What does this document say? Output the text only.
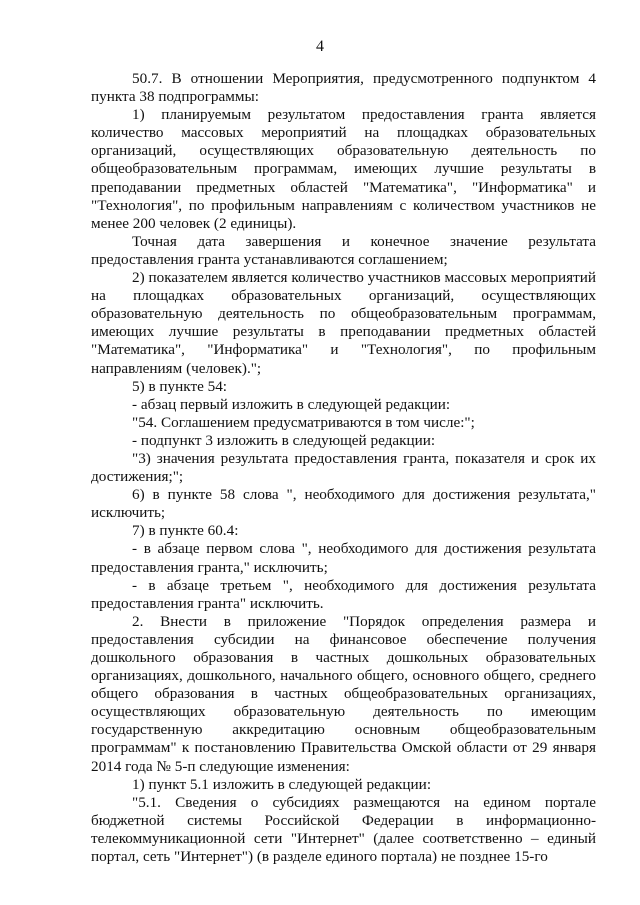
4

50.7. В отношении Мероприятия, предусмотренного подпунктом 4 пункта 38 подпрограммы:

1) планируемым результатом предоставления гранта является количество массовых мероприятий на площадках образовательных организаций, осуществляющих образовательную деятельность по общеобразовательным программам, имеющих лучшие результаты в преподавании предметных областей "Математика", "Информатика" и "Технология", по профильным направлениям с количеством участников не менее 200 человек (2 единицы).

Точная дата завершения и конечное значение результата предоставления гранта устанавливаются соглашением;

2) показателем является количество участников массовых мероприятий на площадках образовательных организаций, осуществляющих образовательную деятельность по общеобразовательным программам, имеющих лучшие результаты в преподавании предметных областей "Математика", "Информатика" и "Технология", по профильным направлениям (человек).";

5) в пункте 54:

- абзац первый изложить в следующей редакции:

"54. Соглашением предусматриваются в том числе:";

- подпункт 3 изложить в следующей редакции:

"3) значения результата предоставления гранта, показателя и срок их достижения;";

6) в пункте 58 слова ", необходимого для достижения результата," исключить;

7) в пункте 60.4:

- в абзаце первом слова ", необходимого для достижения результата предоставления гранта," исключить;

- в абзаце третьем ", необходимого для достижения результата предоставления гранта" исключить.

2. Внести в приложение "Порядок определения размера и предоставления субсидии на финансовое обеспечение получения дошкольного образования в частных дошкольных образовательных организациях, дошкольного, начального общего, основного общего, среднего общего образования в частных общеобразовательных организациях, осуществляющих образовательную деятельность по имеющим государственную аккредитацию основным общеобразовательным программам" к постановлению Правительства Омской области от 29 января 2014 года № 5-п следующие изменения:

1) пункт 5.1 изложить в следующей редакции:

"5.1. Сведения о субсидиях размещаются на едином портале бюджетной системы Российской Федерации в информационно-телекоммуникационной сети "Интернет" (далее соответственно – единый портал, сеть "Интернет") (в разделе единого портала) не позднее 15-го
